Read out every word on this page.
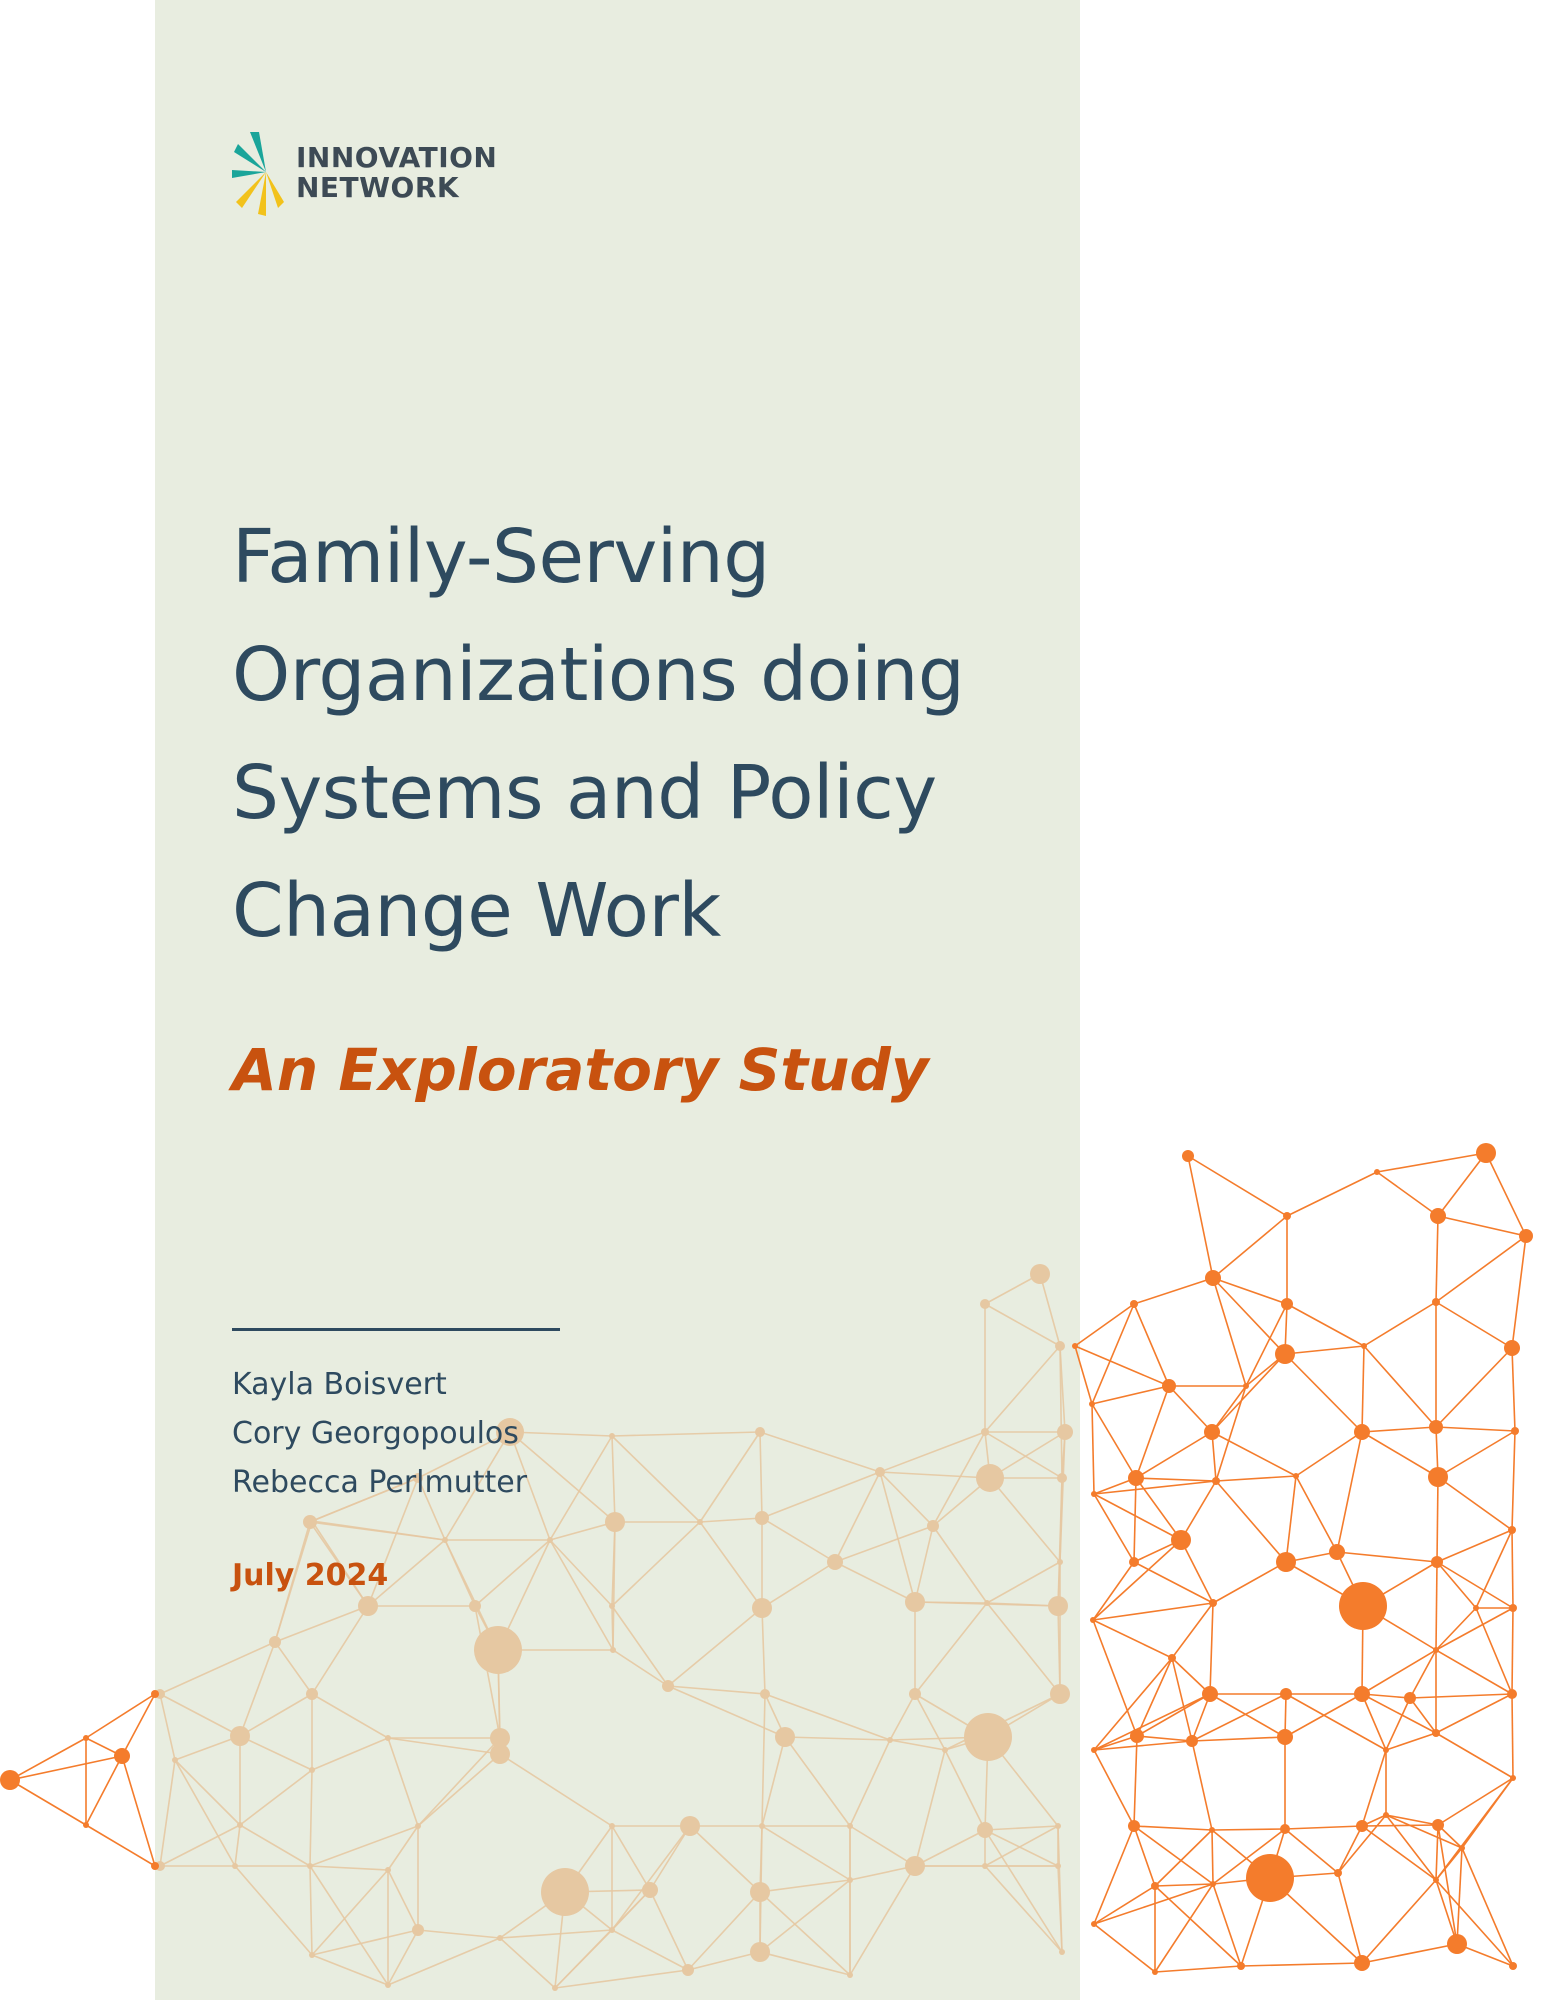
INNOVATION
NETWORK
Family-Serving
Organizations doing
Systems and Policy
Change Work
An Exploratory Study
Kayla Boisvert
Cory Georgopoulos
Rebecca Perlmutter
July 2024
